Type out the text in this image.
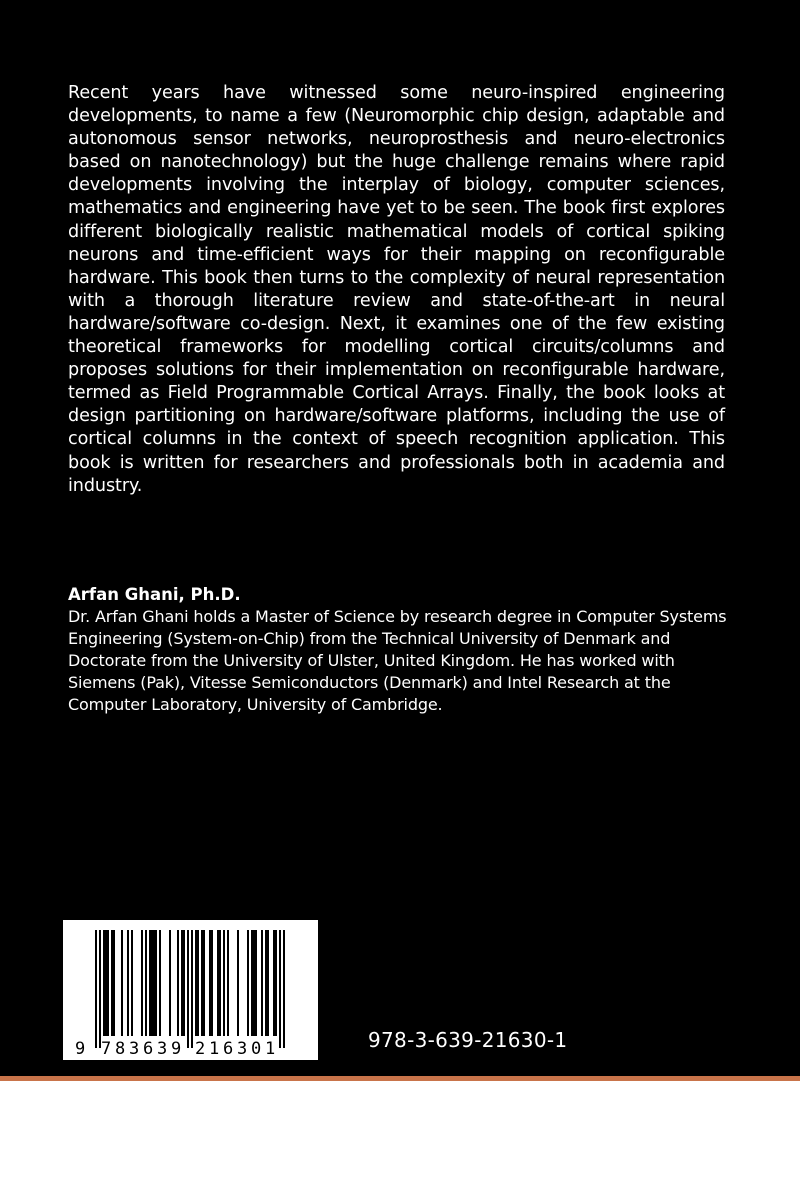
Recent years have witnessed some neuro-inspired engineering developments, to name a few (Neuromorphic chip design, adaptable and autonomous sensor networks, neuroprosthesis and neuro-electronics based on nanotechnology) but the huge challenge remains where rapid developments involving the interplay of biology, computer sciences, mathematics and engineering have yet to be seen. The book first explores different biologically realistic mathematical models of cortical spiking neurons and time-efficient ways for their mapping on reconfigurable hardware. This book then turns to the complexity of neural representation with a thorough literature review and state-of-the-art in neural hardware/software co-design. Next, it examines one of the few existing theoretical frameworks for modelling cortical circuits/columns and proposes solutions for their implementation on reconfigurable hardware, termed as Field Programmable Cortical Arrays. Finally, the book looks at design partitioning on hardware/software platforms, including the use of cortical columns in the context of speech recognition application. This book is written for researchers and professionals both in academia and industry.

Arfan Ghani, Ph.D.

Dr. Arfan Ghani holds a Master of Science by research degree in Computer Systems Engineering (System-on-Chip) from the Technical University of Denmark and Doctorate from the University of Ulster, United Kingdom. He has worked with Siemens (Pak), Vitesse Semiconductors (Denmark) and Intel Research at the Computer Laboratory, University of Cambridge.

9 7 8 3 6 3 9 2 1 6 3 0 1	978-3-639-21630-1
